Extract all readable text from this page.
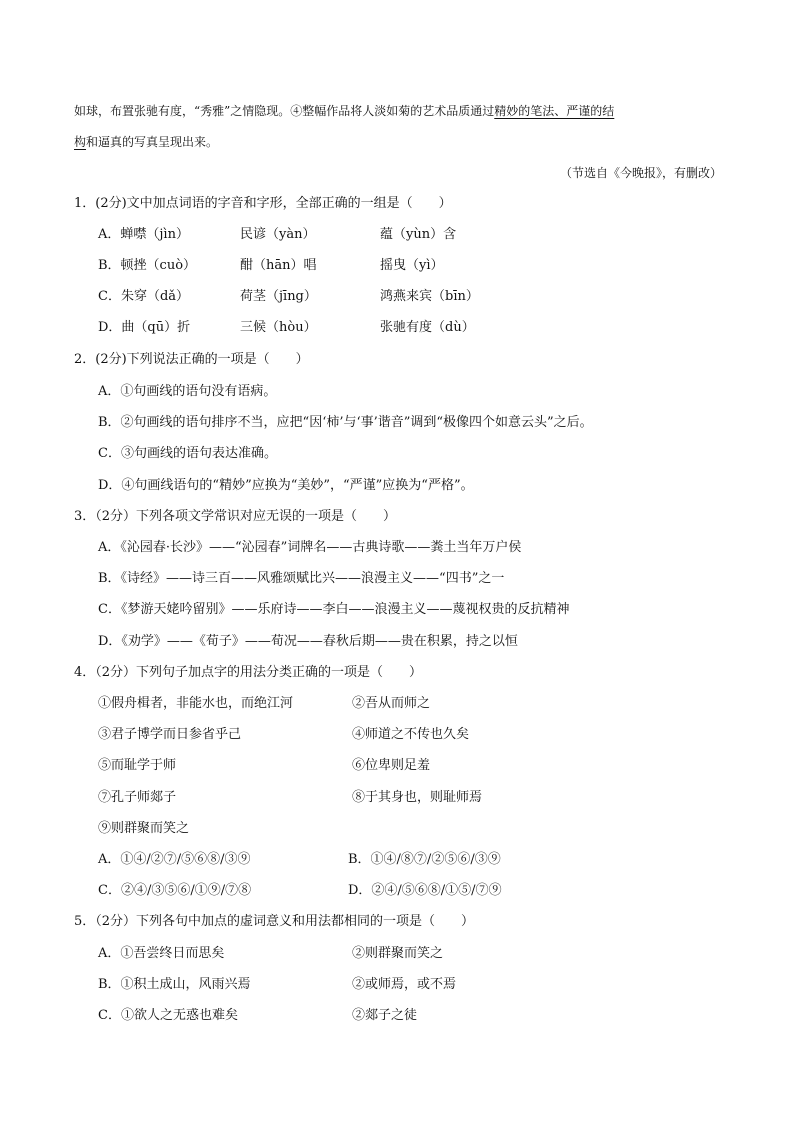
如球，布置张驰有度，“秀雅”之情隐现。④整幅作品将人淡如菊的艺术品质通过精妙的笔法、严谨的结
构和逼真的写真呈现出来。
（节选自《今晚报》，有删改）
1．(2分)文中加点词语的字音和字形，全部正确的一组是（　　）
A．蝉噤（jìn）	民谚（yàn）	蕴（yùn）含
B．顿挫（cuò）	酣（hān）唱	摇曳（yì）
C．朱穿（dǎ）	荷茎（jīng）	鸿燕来宾（bīn）
D．曲（qū）折	三候（hòu）	张驰有度（dù）
2．(2分)下列说法正确的一项是（　　）
A．①句画线的语句没有语病。
B．②句画线的语句排序不当，应把“因‘柿’与‘事’谐音”调到“极像四个如意云头”之后。
C．③句画线的语句表达准确。
D．④句画线语句的“精妙”应换为“美妙”，“严谨”应换为“严格”。
3．（2分）下列各项文学常识对应无误的一项是（　　）
A．《沁园春·长沙》——“沁园春”词牌名——古典诗歌——粪土当年万户侯
B．《诗经》——诗三百——风雅颂赋比兴——浪漫主义——“四书”之一
C．《梦游天姥吟留别》——乐府诗——李白——浪漫主义——蔑视权贵的反抗精神
D．《劝学》——《荀子》——荀况——春秋后期——贵在积累，持之以恒
4．（2分）下列句子加点字的用法分类正确的一项是（　　）
①假舟楫者，非能水也，而绝江河	②吾从而师之
③君子博学而日参省乎己	④师道之不传也久矣
⑤而耻学于师	⑥位卑则足羞
⑦孔子师郯子	⑧于其身也，则耻师焉
⑨则群聚而笑之
A．①④/②⑦/⑤⑥⑧/③⑨	B．①④/⑧⑦/②⑤⑥/③⑨
C．②④/③⑤⑥/①⑨/⑦⑧	D．②④/⑤⑥⑧/①⑤/⑦⑨
5．（2分）下列各句中加点的虚词意义和用法都相同的一项是（　　）
A．①吾尝终日而思矣	②则群聚而笑之
B．①积土成山，风雨兴焉	②或师焉，或不焉
C．①欲人之无惑也难矣	②郯子之徒
